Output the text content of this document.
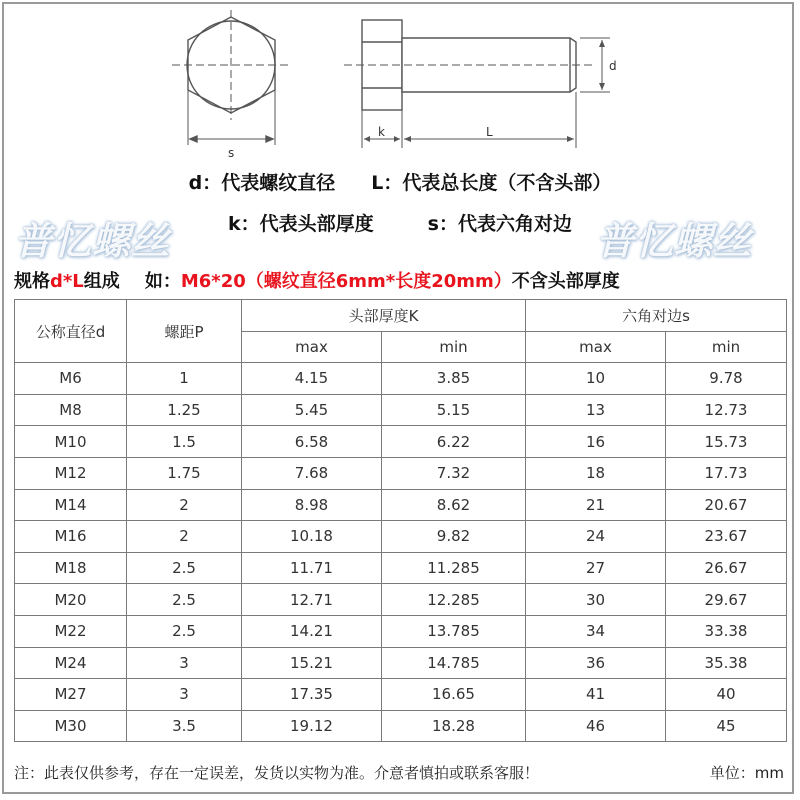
s
k	L
d
d：代表螺纹直径 L：代表总长度（不含头部）
k：代表头部厚度	s：代表六角对边
普忆螺丝	普忆螺丝
规格d*L组成    如：M6*20（螺纹直径6mm*长度20mm）不含头部厚度
公称直径d	螺距P	头部厚度K		六角对边s	
		max	min	max	min
M6	1	4.15	3.85	10	9.78
M8	1.25	5.45	5.15	13	12.73
M10	1.5	6.58	6.22	16	15.73
M12	1.75	7.68	7.32	18	17.73
M14	2	8.98	8.62	21	20.67
M16	2	10.18	9.82	24	23.67
M18	2.5	11.71	11.285	27	26.67
M20	2.5	12.71	12.285	30	29.67
M22	2.5	14.21	13.785	34	33.38
M24	3	15.21	14.785	36	35.38
M27	3	17.35	16.65	41	40
M30	3.5	19.12	18.28	46	45
注：此表仅供参考，存在一定误差，发货以实物为准。介意者慎拍或联系客服！	单位：mm
